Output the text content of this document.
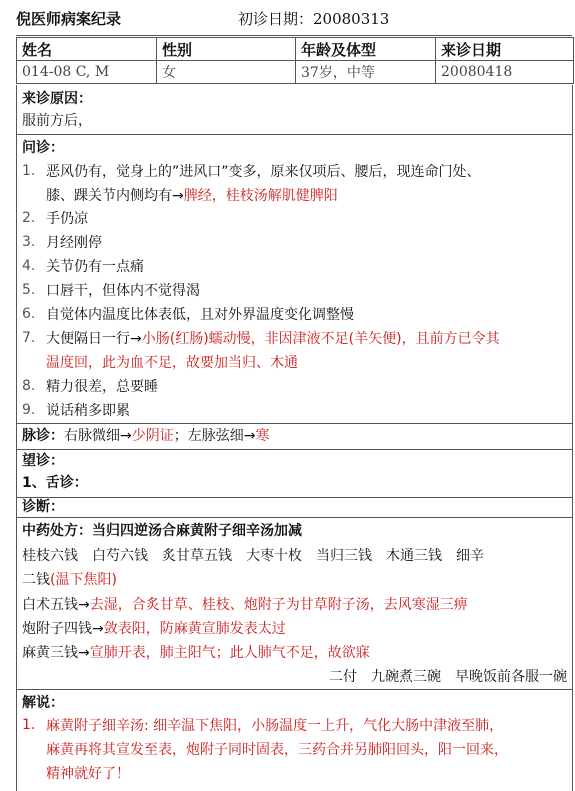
倪医师病案纪录	初诊日期：20080313
姓名	性别	年龄及体型	来诊日期
014-08 C, M	女	37岁，中等	20080418
来诊原因：
服前方后，
问诊：
1. 恶风仍有，觉身上的”进风口”变多，原来仅项后、腰后，现连命门处、
膝、踝关节内侧均有→脾经，桂枝汤解肌健脾阳
2. 手仍凉
3. 月经刚停
4. 关节仍有一点痛
5. 口唇干，但体内不觉得渴
6. 自觉体内温度比体表低，且对外界温度变化调整慢
7. 大便隔日一行→小肠(红肠)蠕动慢，非因津液不足(羊矢便)，且前方已令其
温度回，此为血不足，故要加当归、木通
8. 精力很差，总要睡
9. 说话稍多即累
脉诊：右脉微细→少阴证；左脉弦细→寒
望诊：
1、舌诊：
诊断：
中药处方：当归四逆汤合麻黄附子细辛汤加减
桂枝六钱 白芍六钱 炙甘草五钱 大枣十枚 当归三钱 木通三钱 细辛
二钱(温下焦阳)
白术五钱→去湿，合炙甘草、桂枝、炮附子为甘草附子汤，去风寒湿三痹
炮附子四钱→敛表阳，防麻黄宣肺发表太过
麻黄三钱→宣肺开表，肺主阳气；此人肺气不足，故欲寐
二付　九碗煮三碗　早晚饭前各服一碗
解说：
1. 麻黄附子细辛汤: 细辛温下焦阳，小肠温度一上升，气化大肠中津液至肺，
麻黄再将其宣发至表，炮附子同时固表，三药合并另肺阳回头，阳一回来，
精神就好了！
